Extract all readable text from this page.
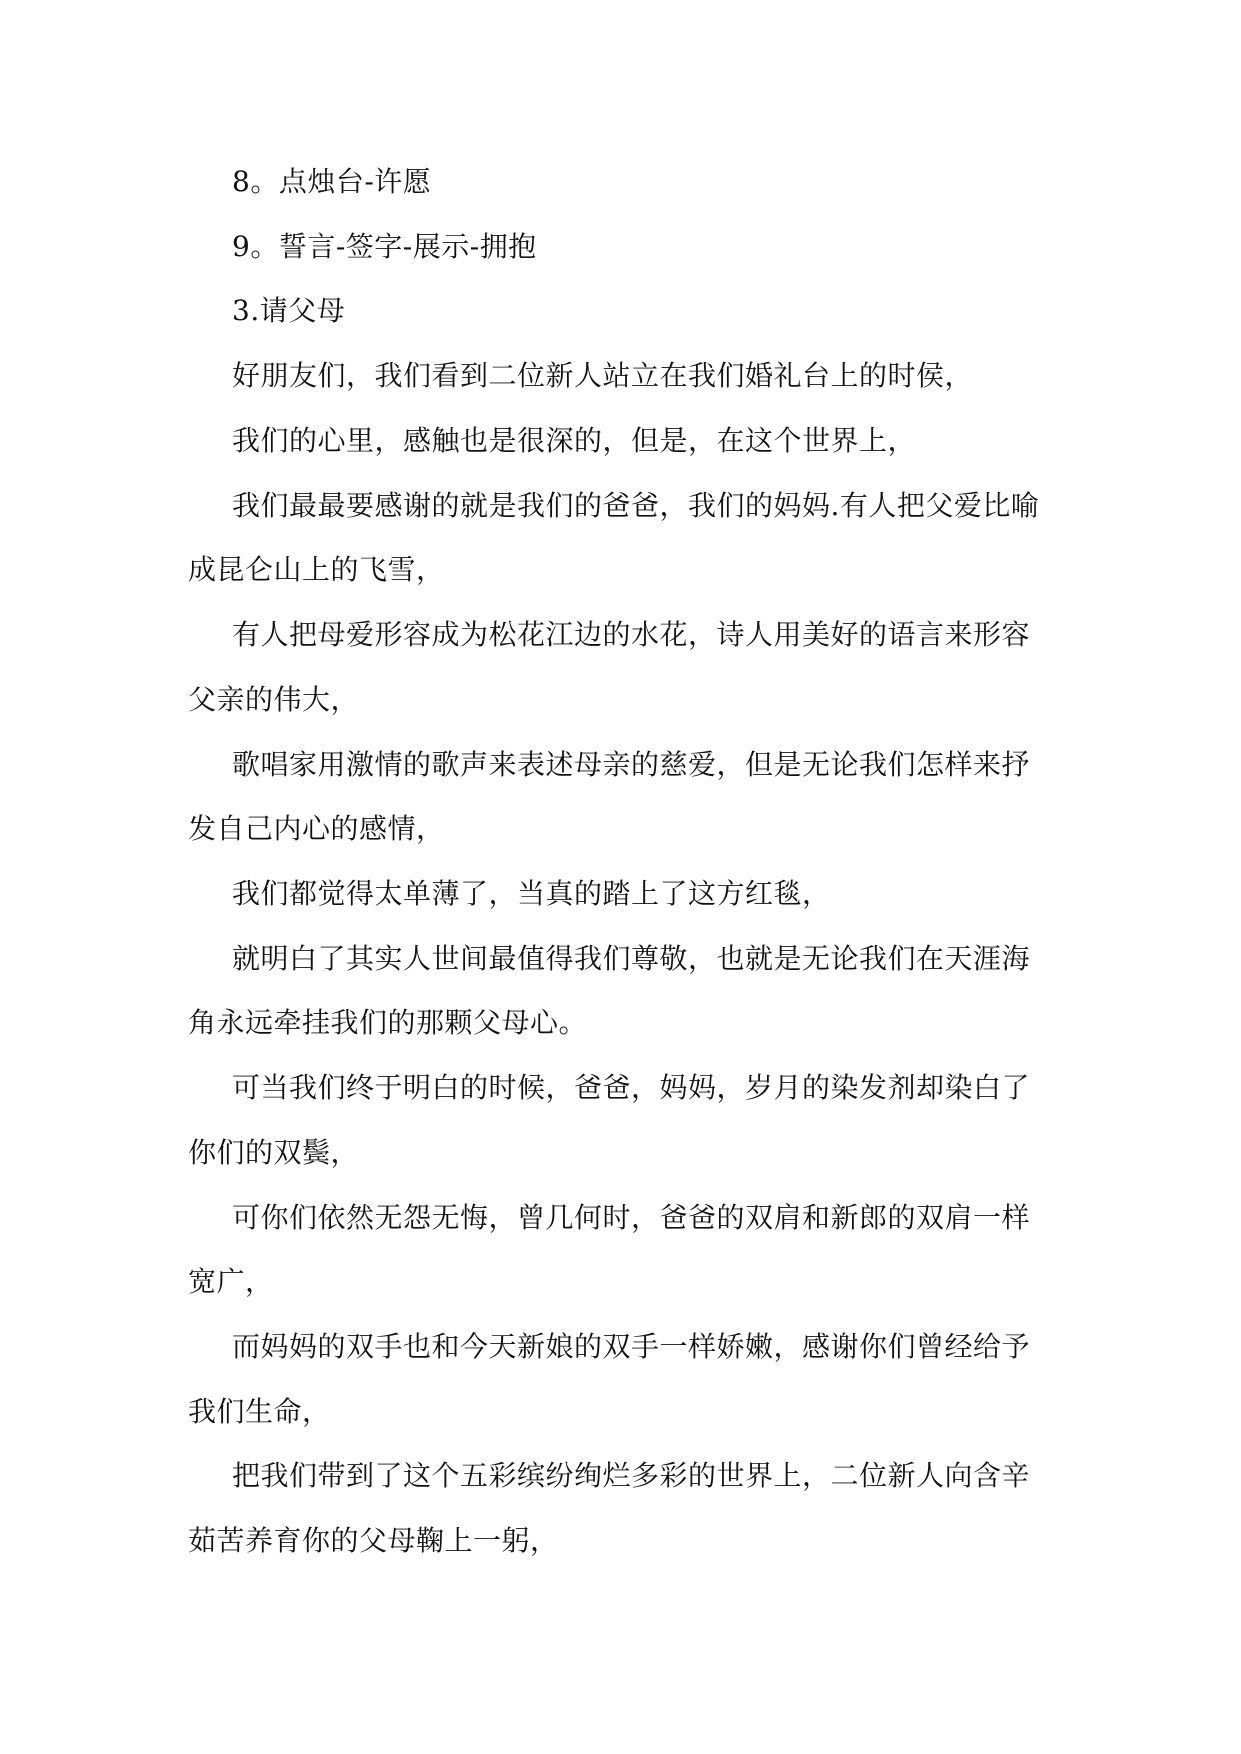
8。点烛台-许愿
9。誓言-签字-展示-拥抱
3.请父母
好朋友们，我们看到二位新人站立在我们婚礼台上的时侯，
我们的心里，感触也是很深的，但是，在这个世界上，
我们最最要感谢的就是我们的爸爸，我们的妈妈.有人把父爱比喻
成昆仑山上的飞雪，
有人把母爱形容成为松花江边的水花，诗人用美好的语言来形容
父亲的伟大，
歌唱家用激情的歌声来表述母亲的慈爱，但是无论我们怎样来抒
发自己内心的感情，
我们都觉得太单薄了，当真的踏上了这方红毯，
就明白了其实人世间最值得我们尊敬，也就是无论我们在天涯海
角永远牵挂我们的那颗父母心。
可当我们终于明白的时候，爸爸，妈妈，岁月的染发剂却染白了
你们的双鬓，
可你们依然无怨无悔，曾几何时，爸爸的双肩和新郎的双肩一样
宽广，
而妈妈的双手也和今天新娘的双手一样娇嫩，感谢你们曾经给予
我们生命，
把我们带到了这个五彩缤纷绚烂多彩的世界上，二位新人向含辛
茹苦养育你的父母鞠上一躬，
